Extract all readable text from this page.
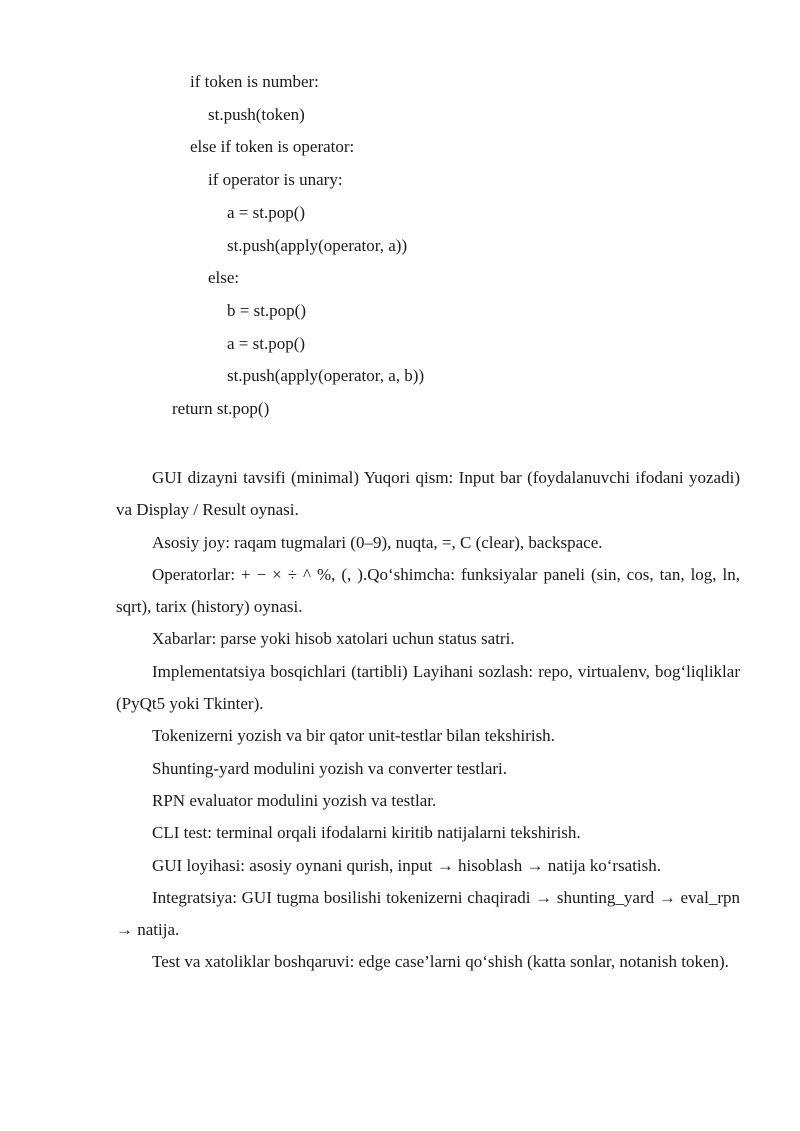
if token is number:
st.push(token)
else if token is operator:
if operator is unary:
a = st.pop()
st.push(apply(operator, a))
else:
b = st.pop()
a = st.pop()
st.push(apply(operator, a, b))
return st.pop()

GUI dizayni tavsifi (minimal) Yuqori qism: Input bar (foydalanuvchi ifodani yozadi) va Display / Result oynasi.

Asosiy joy: raqam tugmalari (0–9), nuqta, =, C (clear), backspace.

Operatorlar: + − × ÷ ^ %, (, ).Qo‘shimcha: funksiyalar paneli (sin, cos, tan, log, ln, sqrt), tarix (history) oynasi.

Xabarlar: parse yoki hisob xatolari uchun status satri.

Implementatsiya bosqichlari (tartibli) Layihani sozlash: repo, virtualenv, bog‘liqliklar (PyQt5 yoki Tkinter).

Tokenizerni yozish va bir qator unit-testlar bilan tekshirish.

Shunting-yard modulini yozish va converter testlari.

RPN evaluator modulini yozish va testlar.

CLI test: terminal orqali ifodalarni kiritib natijalarni tekshirish.

GUI loyihasi: asosiy oynani qurish, input → hisoblash → natija ko‘rsatish.

Integratsiya: GUI tugma bosilishi tokenizerni chaqiradi → shunting_yard → eval_rpn → natija.

Test va xatoliklar boshqaruvi: edge case’larni qo‘shish (katta sonlar, notanish token).
